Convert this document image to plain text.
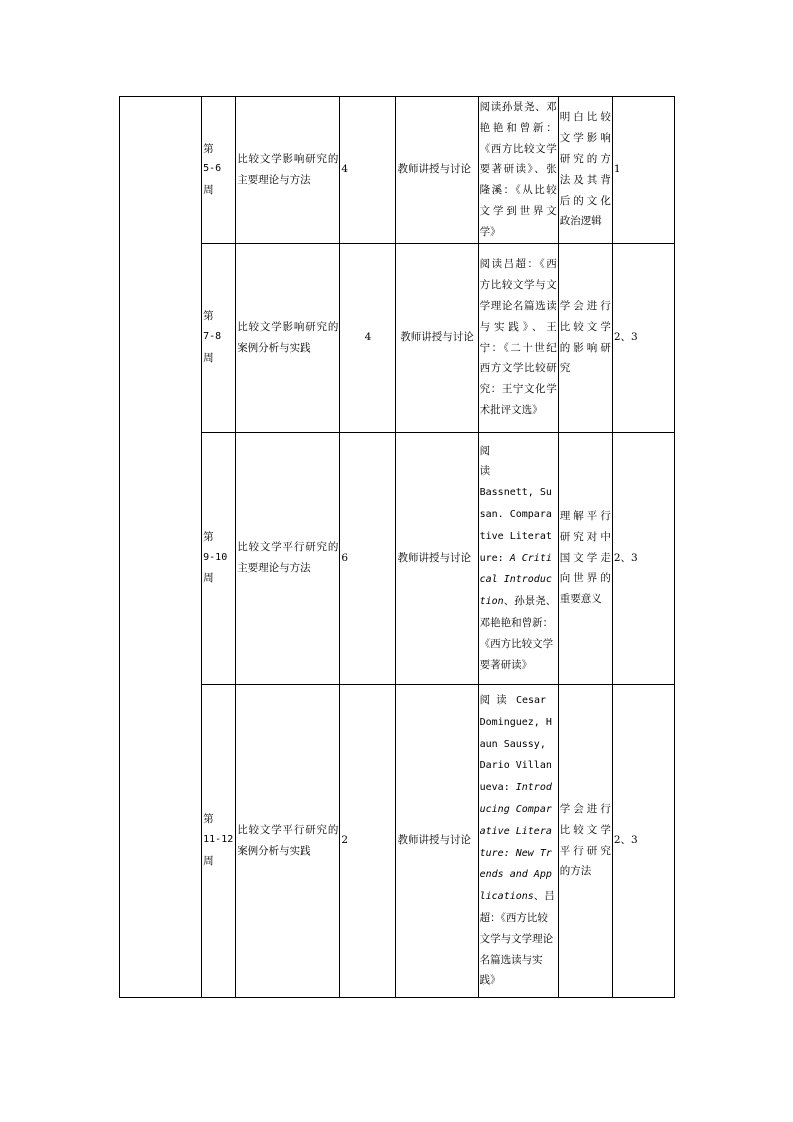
	第
5-6
周	比较文学影响研究的主要理论与方法	4	教师讲授与讨论	阅读孙景尧、邓艳艳和曾新：《西方比较文学要著研读》、张隆溪：《从比较文学到世界文学》	明白比较文学影响研究的方法及其背后的文化政治逻辑	1

	第
7-8
周	比较文学影响研究的案例分析与实践	4	教师讲授与讨论	阅读吕超：《西方比较文学与文学理论名篇选读与实践》、王宁：《二十世纪西方文学比较研究：王宁文化学术批评文选》	学会进行比较文学的影响研究	2、3

	第
9-10
周	比较文学平行研究的主要理论与方法	6	教师讲授与讨论	阅读
Bassnett, Susan. Comparative Literature: A Critical Introduction、孙景尧、邓艳艳和曾新：《西方比较文学要著研读》	理解平行研究对中国文学走向世界的重要意义	2、3

	第
11-12
周	比较文学平行研究的案例分析与实践	2	教师讲授与讨论	阅读 Cesar Dominguez, Haun Saussy, Dario Villanueva: Introducing Comparative Literature: New Trends and Applications、吕超：《西方比较文学与文学理论名篇选读与实践》	学会进行比较文学平行研究的方法	2、3
